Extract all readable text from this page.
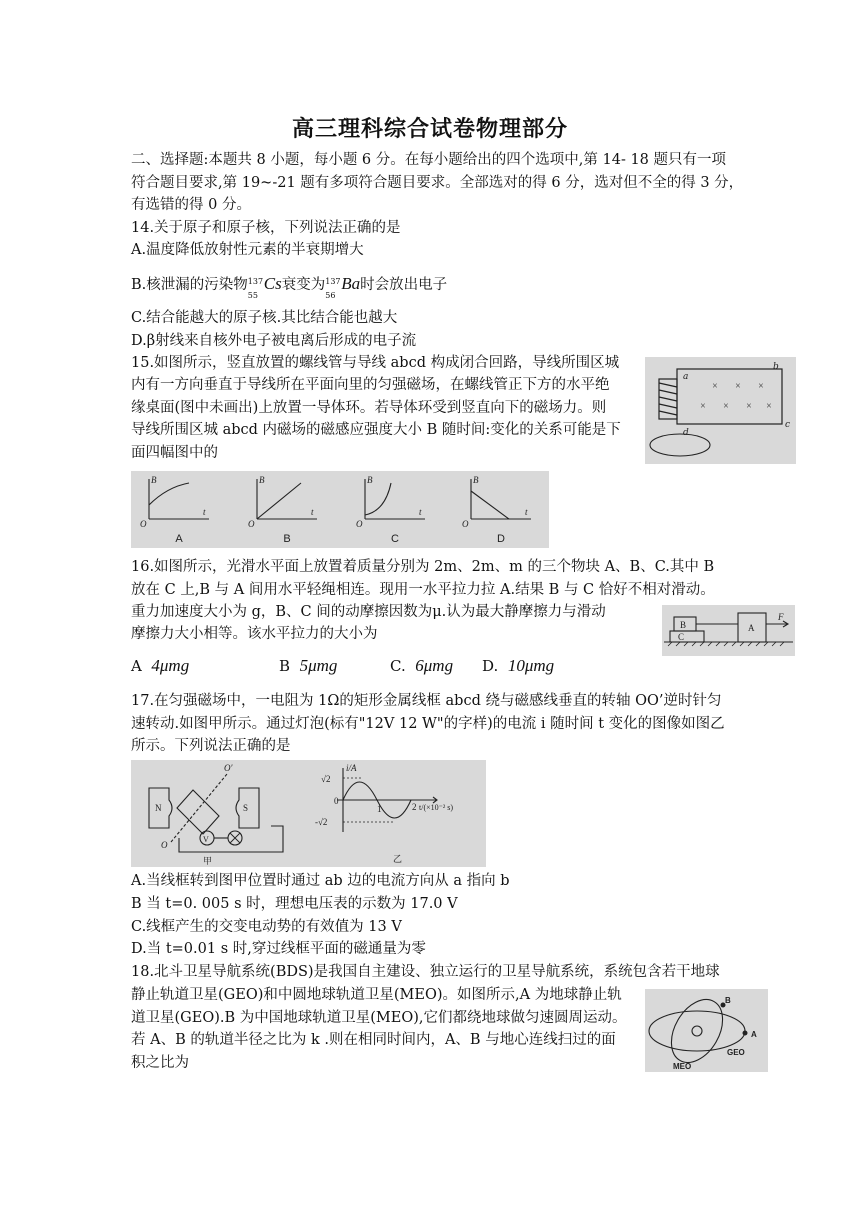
高三理科综合试卷物理部分
二、选择题:本题共 8 小题，每小题 6 分。在每小题给出的四个选项中,第 14- 18 题只有一项
符合题目要求,第 19~-21 题有多项符合题目要求。全部选对的得 6 分，选对但不全的得 3 分，
有选错的得 0 分。
14.关于原子和原子核，下列说法正确的是
A.温度降低放射性元素的半衰期增大
B.核泄漏的污染物 137
55
Cs衰变为 137
56
Ba时会放出电子
C.结合能越大的原子核.其比结合能也越大
D.β射线来自核外电子被电离后形成的电子流
15.如图所示，竖直放置的螺线管与导线 abcd 构成闭合回路，导线所围区城
内有一方向垂直于导线所在平面向里的匀强磁场，在螺线管正下方的水平绝
缘桌面(图中未画出)上放置一导体环。若导体环受到竖直向下的磁场力。则
导线所围区城 abcd 内磁场的磁感应强度大小 B 随时间:变化的关系可能是下
面四幅图中的
× × ×
× × × ×
a
b
c
d
B
t
O
B
t
O
B
t
O
B
t
O
A	B	C	D
16.如图所示，光滑水平面上放置着质量分别为 2m、2m、m 的三个物块 A、B、C.其中 B
放在 C 上,B 与 A 间用水平轻绳相连。现用一水平拉力拉 A.结果 B 与 C 恰好不相对滑动。
重力加速度大小为 g，B、C 间的动摩擦因数为μ.认为最大静摩擦力与滑动
摩擦力大小相等。该水平拉力的大小为
B
C
A
F
A 4μmg	B 5μmg	C. 6μmg D. 10μmg
17.在匀强磁场中，一电阻为 1Ω的矩形金属线框 abcd 绕与磁感线垂直的转轴 OO’逆时针匀
速转动.如图甲所示。通过灯泡(标有"12V 12 W"的字样)的电流 i 随时间 t 变化的图像如图乙
所示。下列说法正确的是
N	S
O′
O
V
甲
i/A
√2
-√2
0
1	2 t/(×10⁻² s)
乙
A.当线框转到图甲位置时通过 ab 边的电流方向从 a 指向 b
B 当 t=0. 005 s 时，理想电压表的示数为 17.0 V
C.线框产生的交变电动势的有效值为 13 V
D.当 t=0.01 s 时,穿过线框平面的磁通量为零
18.北斗卫星导航系统(BDS)是我国自主建设、独立运行的卫星导航系统，系统包含若干地球
静止轨道卫星(GEO)和中圆地球轨道卫星(MEO)。如图所示,A 为地球静止轨
道卫星(GEO).B 为中国地球轨道卫星(MEO),它们都绕地球做匀速圆周运动。
若 A、B 的轨道半径之比为 k .则在相同时间内，A、B 与地心连线扫过的面
积之比为
B
A
GEO
MEO
